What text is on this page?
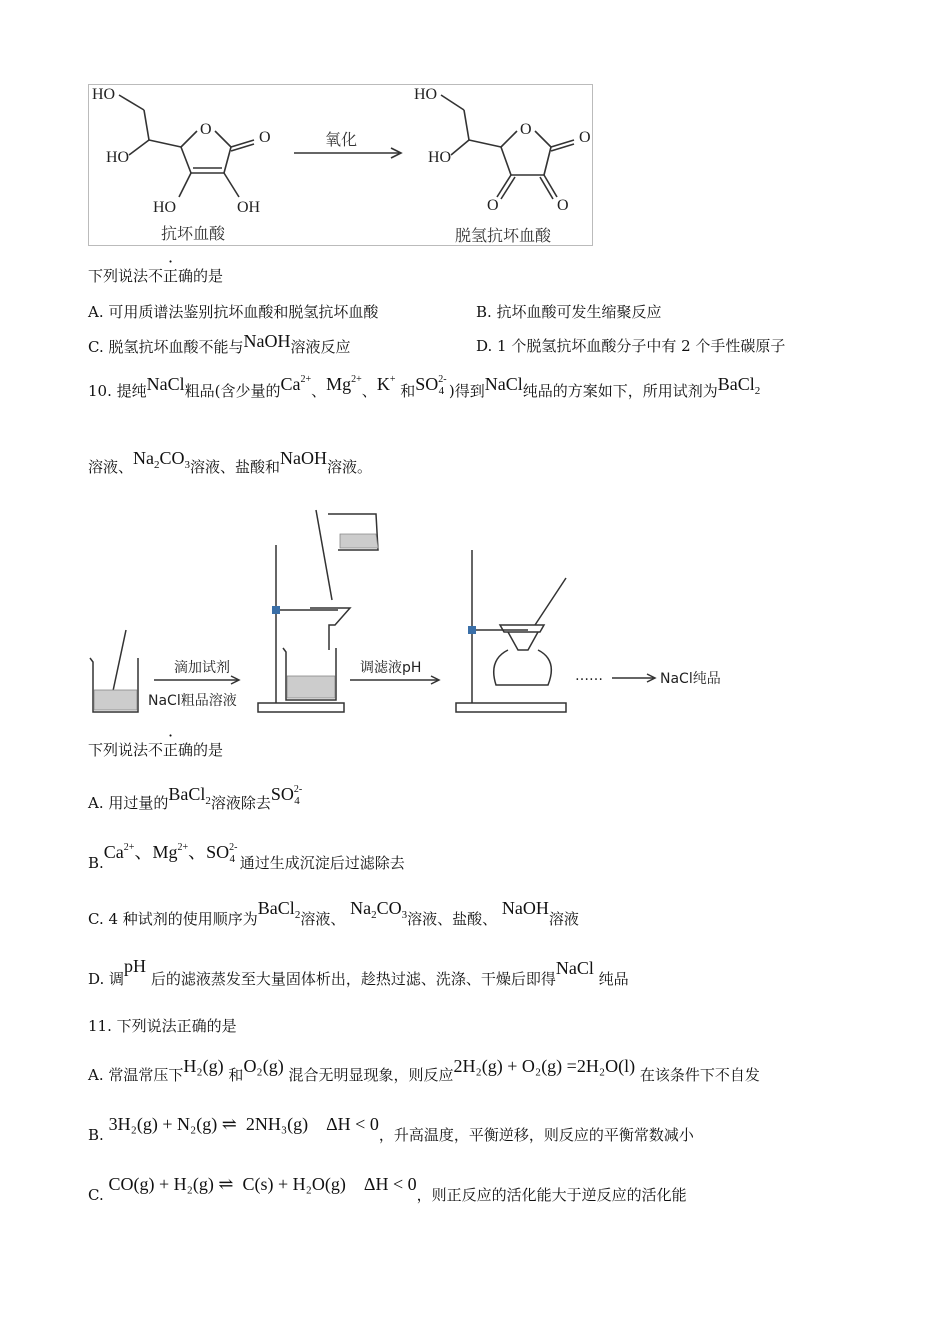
HO
HO
O	O
HO	OH
抗坏血酸
氧化
HO
HO
O	O
O	O
脱氢抗坏血酸
下列说法不正确的是
A. 可用质谱法鉴别抗坏血酸和脱氢抗坏血酸	B. 抗坏血酸可发生缩聚反应
C. 脱氢抗坏血酸不能与NaOH溶液反应	D. 1 个脱氢抗坏血酸分子中有 2 个手性碳原子
10. 提纯NaCl粗品(含少量的$Ca^{2+}$、$Mg^{2+}$、K+ 和$SO^{2-}_4$ )得到NaCl纯品的方案如下，所用试剂为BaCl$_2$
溶液、$Na_2CO_3$溶液、盐酸和NaOH溶液。
滴加试剂
NaCl粗品溶液
调滤液pH	……	NaCl纯品
下列说法不正确的是
A. 用过量的BaCl$_2$溶液除去$SO^{2-}_4$
$B.Ca^{2+}$、$Mg^{2+}$、$SO^{2-}_4$ 通过生成沉淀后过滤除去
C. 4 种试剂的使用顺序为BaCl$_2$溶液、 $Na_2CO_3$溶液、盐酸、 NaOH溶液
D. 调pH 后的滤液蒸发至大量固体析出，趁热过滤、洗涤、干燥后即得NaCl 纯品
11. 下列说法正确的是
A. 常温常压下H₂(g) 和O₂(g) 混合无明显现象，则反应2H₂(g) + O₂(g) =2H₂O(l) 在该条件下不自发
B. 3H₂(g) + N₂(g) ⇌  2NH₃(g)    ΔH < 0，升高温度，平衡逆移，则反应的平衡常数减小
C. CO(g) + H₂(g) ⇌  C(s) + H₂O(g)    ΔH < 0，则正反应的活化能大于逆反应的活化能
